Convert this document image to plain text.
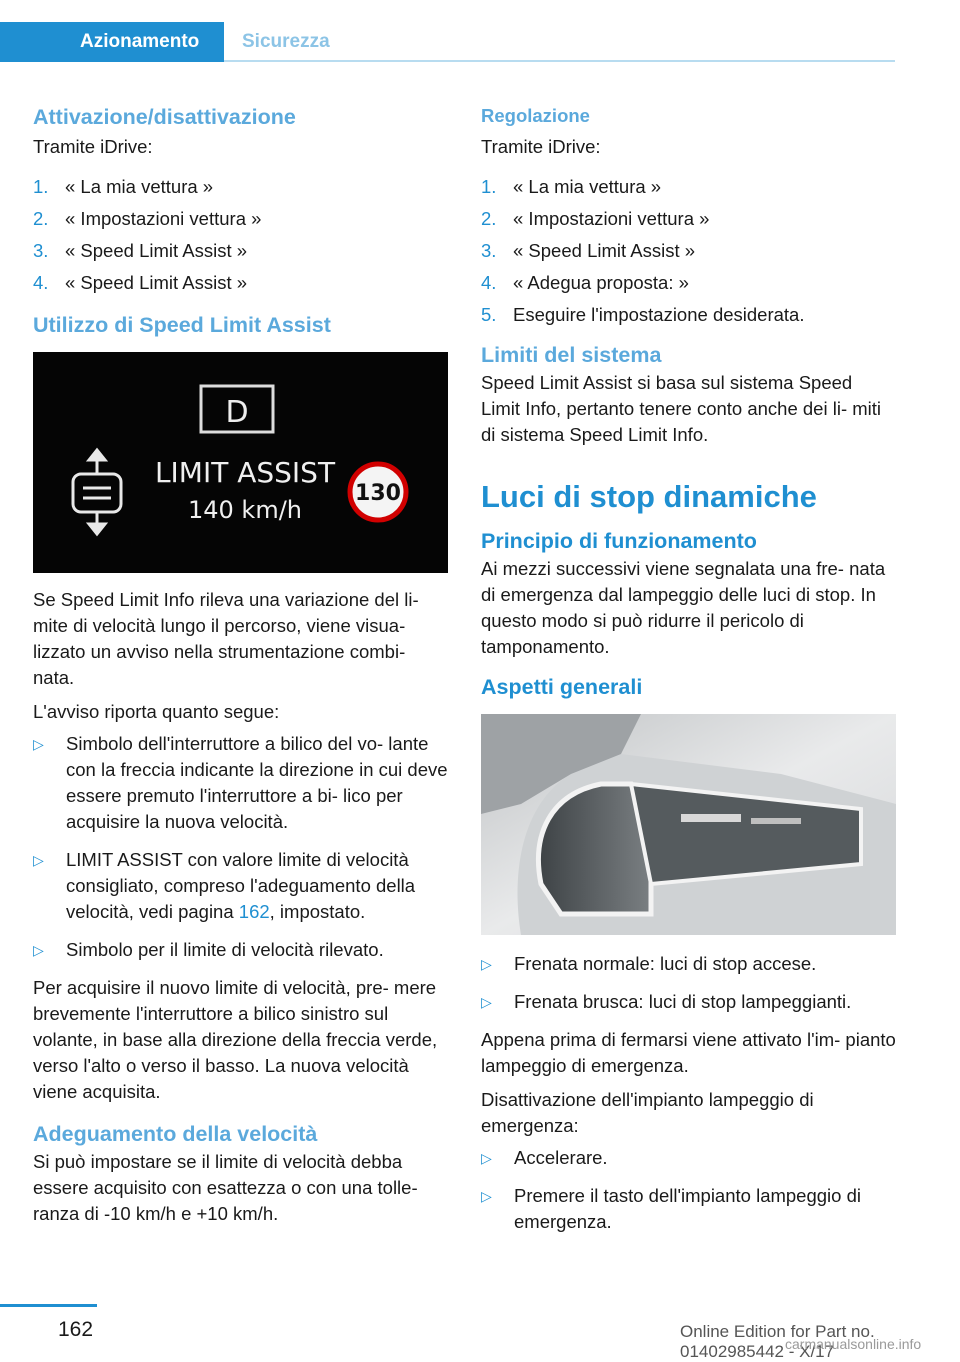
Azionamento	Sicurezza
Attivazione/disattivazione

Tramite iDrive:

1. « La mia vettura »
2. « Impostazioni vettura »
3. « Speed Limit Assist »
4. « Speed Limit Assist »
Utilizzo di Speed Limit Assist
D
LIMIT ASSIST
140 km/h
130

Se Speed Limit Info rileva una variazione del li- mite di velocità lungo il percorso, viene visua- lizzato un avviso nella strumentazione combi- nata.

L'avviso riporta quanto segue:

▷ Simbolo dell'interruttore a bilico del vo- lante con la freccia indicante la direzione in cui deve essere premuto l'interruttore a bi- lico per acquisire la nuova velocità.
▷ LIMIT ASSIST con valore limite di velocità consigliato, compreso l'adeguamento della velocità, vedi pagina 162, impostato.
▷ Simbolo per il limite di velocità rilevato.

Per acquisire il nuovo limite di velocità, pre- mere brevemente l'interruttore a bilico sinistro sul volante, in base alla direzione della freccia verde, verso l'alto o verso il basso. La nuova velocità viene acquisita.

Adeguamento della velocità

Si può impostare se il limite di velocità debba essere acquisito con esattezza o con una tolle- ranza di -10 km/h e +10 km/h.

Regolazione

Tramite iDrive:

1. « La mia vettura »
2. « Impostazioni vettura »
3. « Speed Limit Assist »
4. « Adegua proposta: »
5. Eseguire l'impostazione desiderata.
Limiti del sistema

Speed Limit Assist si basa sul sistema Speed Limit Info, pertanto tenere conto anche dei li- miti di sistema Speed Limit Info.

Luci di stop dinamiche
Principio di funzionamento

Ai mezzi successivi viene segnalata una fre- nata di emergenza dal lampeggio delle luci di stop. In questo modo si può ridurre il pericolo di tamponamento.

Aspetti generali
▷ Frenata normale: luci di stop accese.
▷ Frenata brusca: luci di stop lampeggianti.

Appena prima di fermarsi viene attivato l'im- pianto lampeggio di emergenza.

Disattivazione dell'impianto lampeggio di emergenza:

▷ Accelerare.
▷ Premere il tasto dell'impianto lampeggio di emergenza.
162	Online Edition for Part no. 01402985442 - X/17
carmanualsonline.info
